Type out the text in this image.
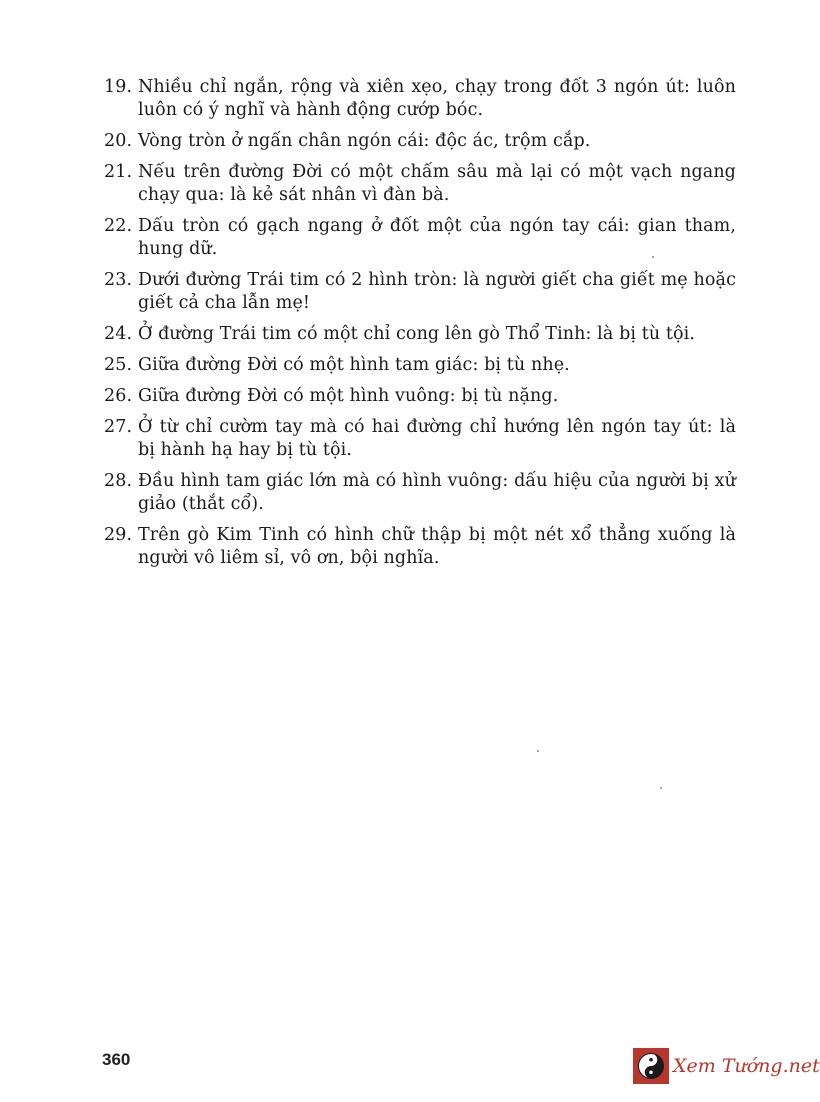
19. Nhiều chỉ ngắn, rộng và xiên xẹo, chạy trong đốt 3 ngón út: luôn luôn có ý nghĩ và hành động cướp bóc.
20. Vòng tròn ở ngấn chân ngón cái: độc ác, trộm cắp.
21. Nếu trên đường Đời có một chấm sâu mà lại có một vạch ngang chạy qua: là kẻ sát nhân vì đàn bà.
22. Dấu tròn có gạch ngang ở đốt một của ngón tay cái: gian tham, hung dữ.
23. Dưới đường Trái tim có 2 hình tròn: là người giết cha giết mẹ hoặc giết cả cha lẫn mẹ!
24. Ở đường Trái tim có một chỉ cong lên gò Thổ Tinh: là bị tù tội.
25. Giữa đường Đời có một hình tam giác: bị tù nhẹ.
26. Giữa đường Đời có một hình vuông: bị tù nặng.
27. Ở từ chỉ cườm tay mà có hai đường chỉ hướng lên ngón tay út: là bị hành hạ hay bị tù tội.
28. Đầu hình tam giác lớn mà có hình vuông: dấu hiệu của người bị xử giảo (thắt cổ).
29. Trên gò Kim Tinh có hình chữ thập bị một nét xổ thẳng xuống là người vô liêm sỉ, vô ơn, bội nghĩa.
360	Xem Tướng.net
